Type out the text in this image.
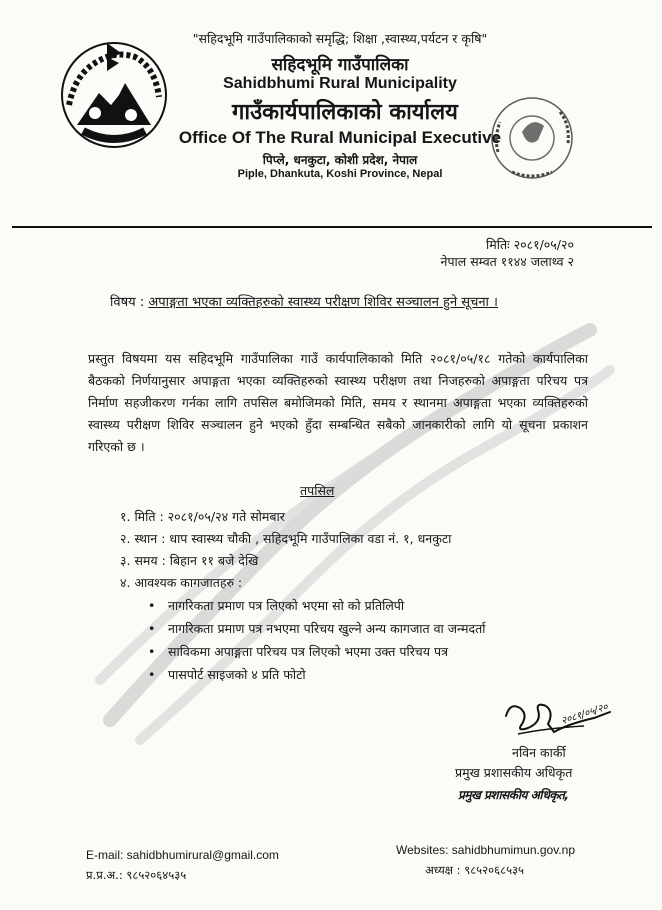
"सहिदभूमि गाउँपालिकाको समृद्धि; शिक्षा ,स्वास्थ्य,पर्यटन र कृषि"
सहिदभूमि गाउँपालिका
Sahidbhumi Rural Municipality
गाउँकार्यपालिकाको कार्यालय
Office Of The Rural Municipal Executive
पिप्ले, धनकुटा, कोशी प्रदेश, नेपाल
Piple, Dhankuta, Koshi Province, Nepal
मितिः २०८१/०५/२०
नेपाल सम्वत ११४४ जलाथ्व २
विषय : अपाङ्गता भएका व्यक्तिहरुको स्वास्थ्य परीक्षण शिविर सञ्चालन हुने सूचना ।
प्रस्तुत विषयमा यस सहिदभूमि गाउँपालिका गाउँ कार्यपालिकाको मिति २०८१/०५/१८ गतेको कार्यपालिका बैठकको निर्णयानुसार अपाङ्गता भएका व्यक्तिहरुको स्वास्थ्य परीक्षण तथा निजहरुको अपाङ्गता परिचय पत्र निर्माण सहजीकरण गर्नका लागि तपसिल बमोजिमको मिति, समय र स्थानमा अपाङ्गता भएका व्यक्तिहरुको स्वास्थ्य परीक्षण शिविर सञ्चालन हुने भएको हुँदा सम्बन्धित सबैको जानकारीको लागि यो सूचना प्रकाशन गरिएको छ ।
तपसिल
१. मिति : २०८१/०५/२४ गते सोमबार
२. स्थान : धाप स्वास्थ्य चौकी , सहिदभूमि गाउँपालिका वडा नं. १, धनकुटा
३. समय : बिहान ११ बजे देखि
४. आवश्यक कागजातहरु :
• नागरिकता प्रमाण पत्र लिएको भएमा सो को प्रतिलिपी
• नागरिकता प्रमाण पत्र नभएमा परिचय खुल्ने अन्य कागजात वा जन्मदर्ता
• साविकमा अपाङ्गता परिचय पत्र लिएको भएमा उक्त परिचय पत्र
• पासपोर्ट साइजको ४ प्रति फोटो
२०८१/०५/२०
नविन कार्की
प्रमुख प्रशासकीय अधिकृत
प्रमुख प्रशासकीय अधिकृत,
E-mail: sahidbhumirural@gmail.com
प्र.प्र.अ.: ९८५२०६४५३५
Websites: sahidbhumimun.gov.np
अध्यक्ष : ९८५२०६८५३५
